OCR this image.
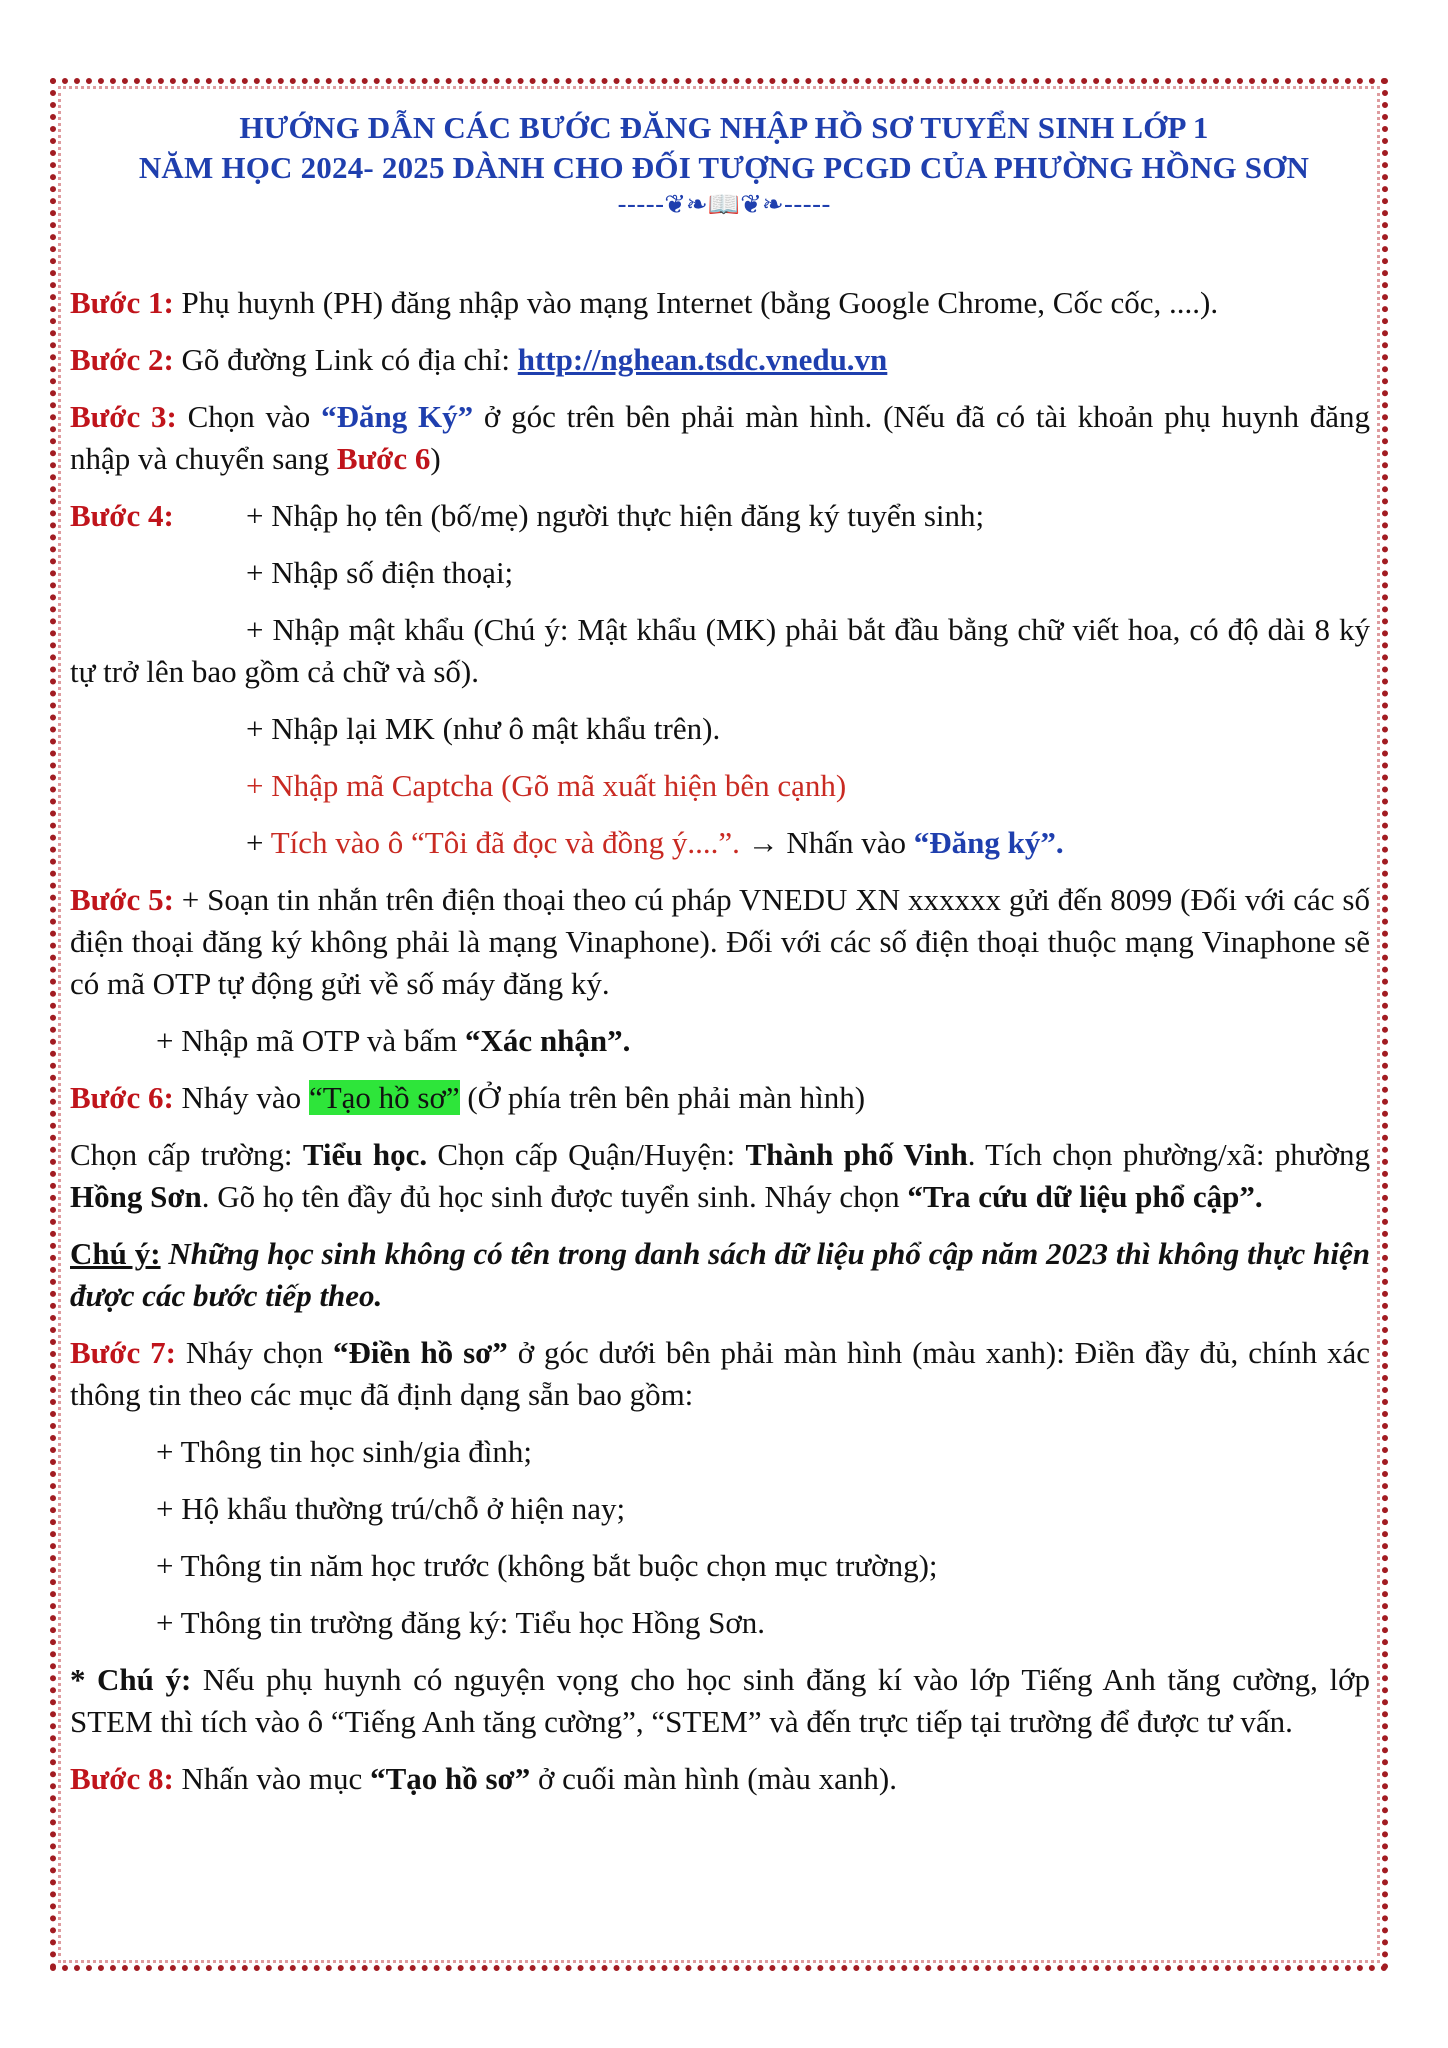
HƯỚNG DẪN CÁC BƯỚC ĐĂNG NHẬP HỒ SƠ TUYỂN SINH LỚP 1
NĂM HỌC 2024- 2025 DÀNH CHO ĐỐI TƯỢNG PCGD CỦA PHƯỜNG HỒNG SƠN
-----❦❧📖❦❧-----

Bước 1: Phụ huynh (PH) đăng nhập vào mạng Internet (bằng Google Chrome, Cốc cốc, ....).

Bước 2: Gõ đường Link có địa chỉ: http://nghean.tsdc.vnedu.vn

Bước 3: Chọn vào “Đăng Ký” ở góc trên bên phải màn hình. (Nếu đã có tài khoản phụ huynh đăng nhập và chuyển sang Bước 6)

Bước 4: + Nhập họ tên (bố/mẹ) người thực hiện đăng ký tuyển sinh;

+ Nhập số điện thoại;

+ Nhập mật khẩu (Chú ý: Mật khẩu (MK) phải bắt đầu bằng chữ viết hoa, có độ dài 8 ký tự trở lên bao gồm cả chữ và số).

+ Nhập lại MK (như ô mật khẩu trên).

+ Nhập mã Captcha (Gõ mã xuất hiện bên cạnh)

+ Tích vào ô “Tôi đã đọc và đồng ý....”. → Nhấn vào “Đăng ký”.

Bước 5: + Soạn tin nhắn trên điện thoại theo cú pháp VNEDU XN xxxxxx gửi đến 8099 (Đối với các số điện thoại đăng ký không phải là mạng Vinaphone). Đối với các số điện thoại thuộc mạng Vinaphone sẽ có mã OTP tự động gửi về số máy đăng ký.

+ Nhập mã OTP và bấm “Xác nhận”.

Bước 6: Nháy vào “Tạo hồ sơ” (Ở phía trên bên phải màn hình)

Chọn cấp trường: Tiểu học. Chọn cấp Quận/Huyện: Thành phố Vinh. Tích chọn phường/xã: phường Hồng Sơn. Gõ họ tên đầy đủ học sinh được tuyển sinh. Nháy chọn “Tra cứu dữ liệu phổ cập”.

Chú ý: Những học sinh không có tên trong danh sách dữ liệu phổ cập năm 2023 thì không thực hiện được các bước tiếp theo.

Bước 7: Nháy chọn “Điền hồ sơ” ở góc dưới bên phải màn hình (màu xanh): Điền đầy đủ, chính xác thông tin theo các mục đã định dạng sẵn bao gồm:

+ Thông tin học sinh/gia đình;

+ Hộ khẩu thường trú/chỗ ở hiện nay;

+ Thông tin năm học trước (không bắt buộc chọn mục trường);

+ Thông tin trường đăng ký: Tiểu học Hồng Sơn.

* Chú ý: Nếu phụ huynh có nguyện vọng cho học sinh đăng kí vào lớp Tiếng Anh tăng cường, lớp STEM thì tích vào ô “Tiếng Anh tăng cường”, “STEM” và đến trực tiếp tại trường để được tư vấn.

Bước 8: Nhấn vào mục “Tạo hồ sơ” ở cuối màn hình (màu xanh).
